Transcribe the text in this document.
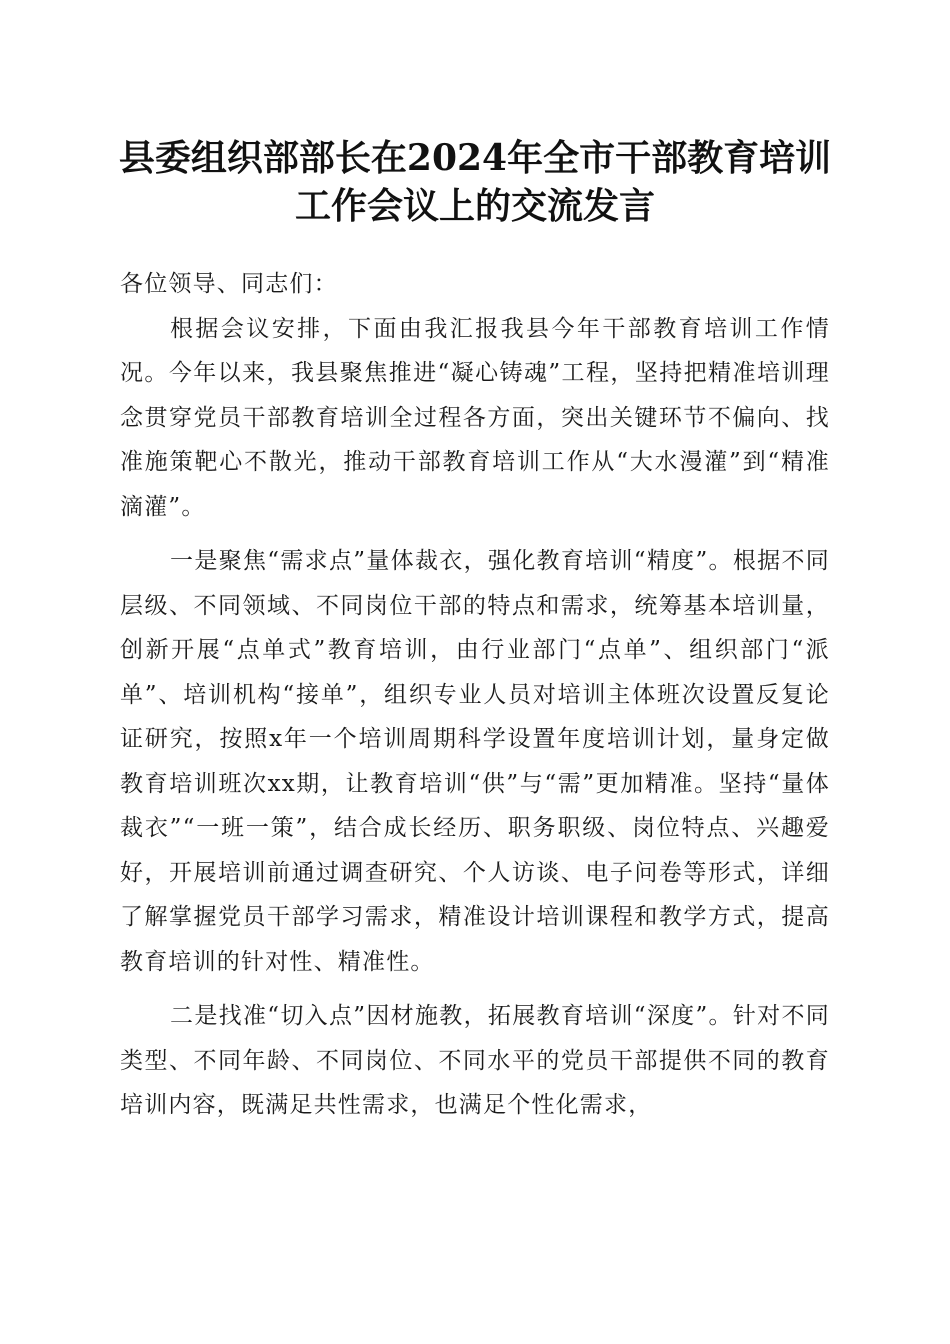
县委组织部部长在2024年全市干部教育培训
工作会议上的交流发言

各位领导、同志们：

根据会议安排，下面由我汇报我县今年干部教育培训工作情况。今年以来，我县聚焦推进“凝心铸魂”工程，坚持把精准培训理念贯穿党员干部教育培训全过程各方面，突出关键环节不偏向、找准施策靶心不散光，推动干部教育培训工作从“大水漫灌”到“精准滴灌”。

一是聚焦“需求点”量体裁衣，强化教育培训“精度”。根据不同层级、不同领域、不同岗位干部的特点和需求，统筹基本培训量，创新开展“点单式”教育培训，由行业部门“点单”、组织部门“派单”、培训机构“接单”，组织专业人员对培训主体班次设置反复论证研究，按照x年一个培训周期科学设置年度培训计划，量身定做教育培训班次xx期，让教育培训“供”与“需”更加精准。坚持“量体裁衣”“一班一策”，结合成长经历、职务职级、岗位特点、兴趣爱好，开展培训前通过调查研究、个人访谈、电子问卷等形式，详细了解掌握党员干部学习需求，精准设计培训课程和教学方式，提高教育培训的针对性、精准性。

二是找准“切入点”因材施教，拓展教育培训“深度”。针对不同类型、不同年龄、不同岗位、不同水平的党员干部提供不同的教育培训内容，既满足共性需求，也满足个性化需求，
